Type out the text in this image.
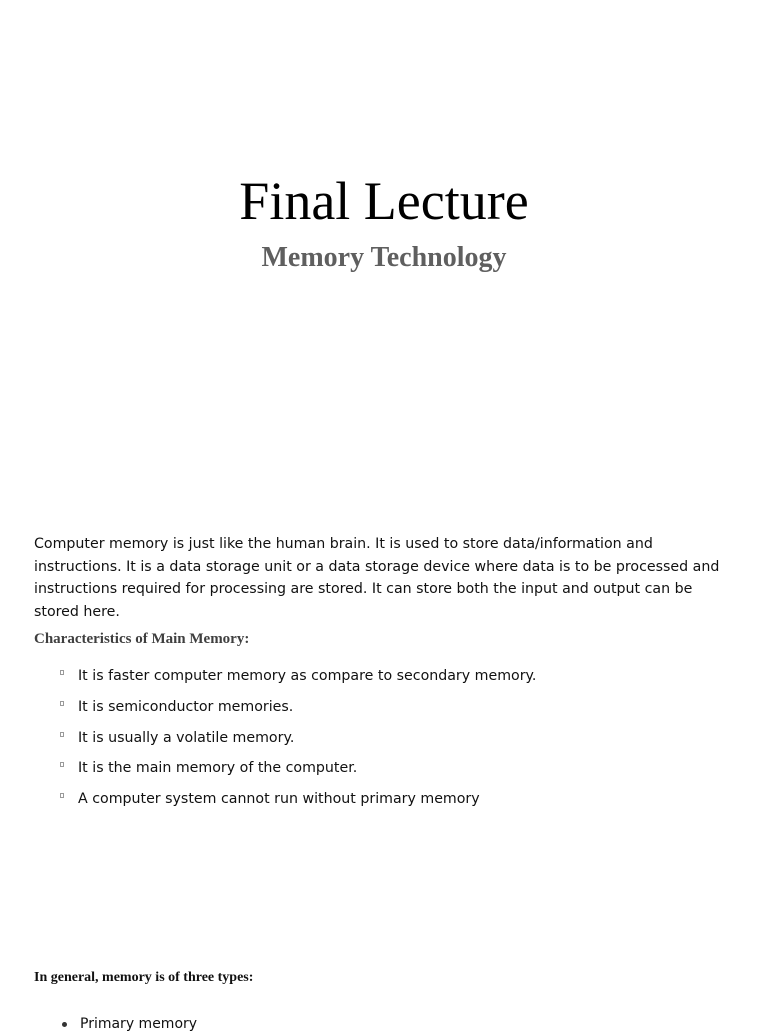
Final Lecture
Memory Technology

Computer memory is just like the human brain. It is used to store data/information and instructions. It is a data storage unit or a data storage device where data is to be processed and instructions required for processing are stored. It can store both the input and output can be stored here.

Characteristics of Main Memory:

It is faster computer memory as compare to secondary memory.
It is semiconductor memories.
It is usually a volatile memory.
It is the main memory of the computer.
A computer system cannot run without primary memory

In general, memory is of three types:

Primary memory
